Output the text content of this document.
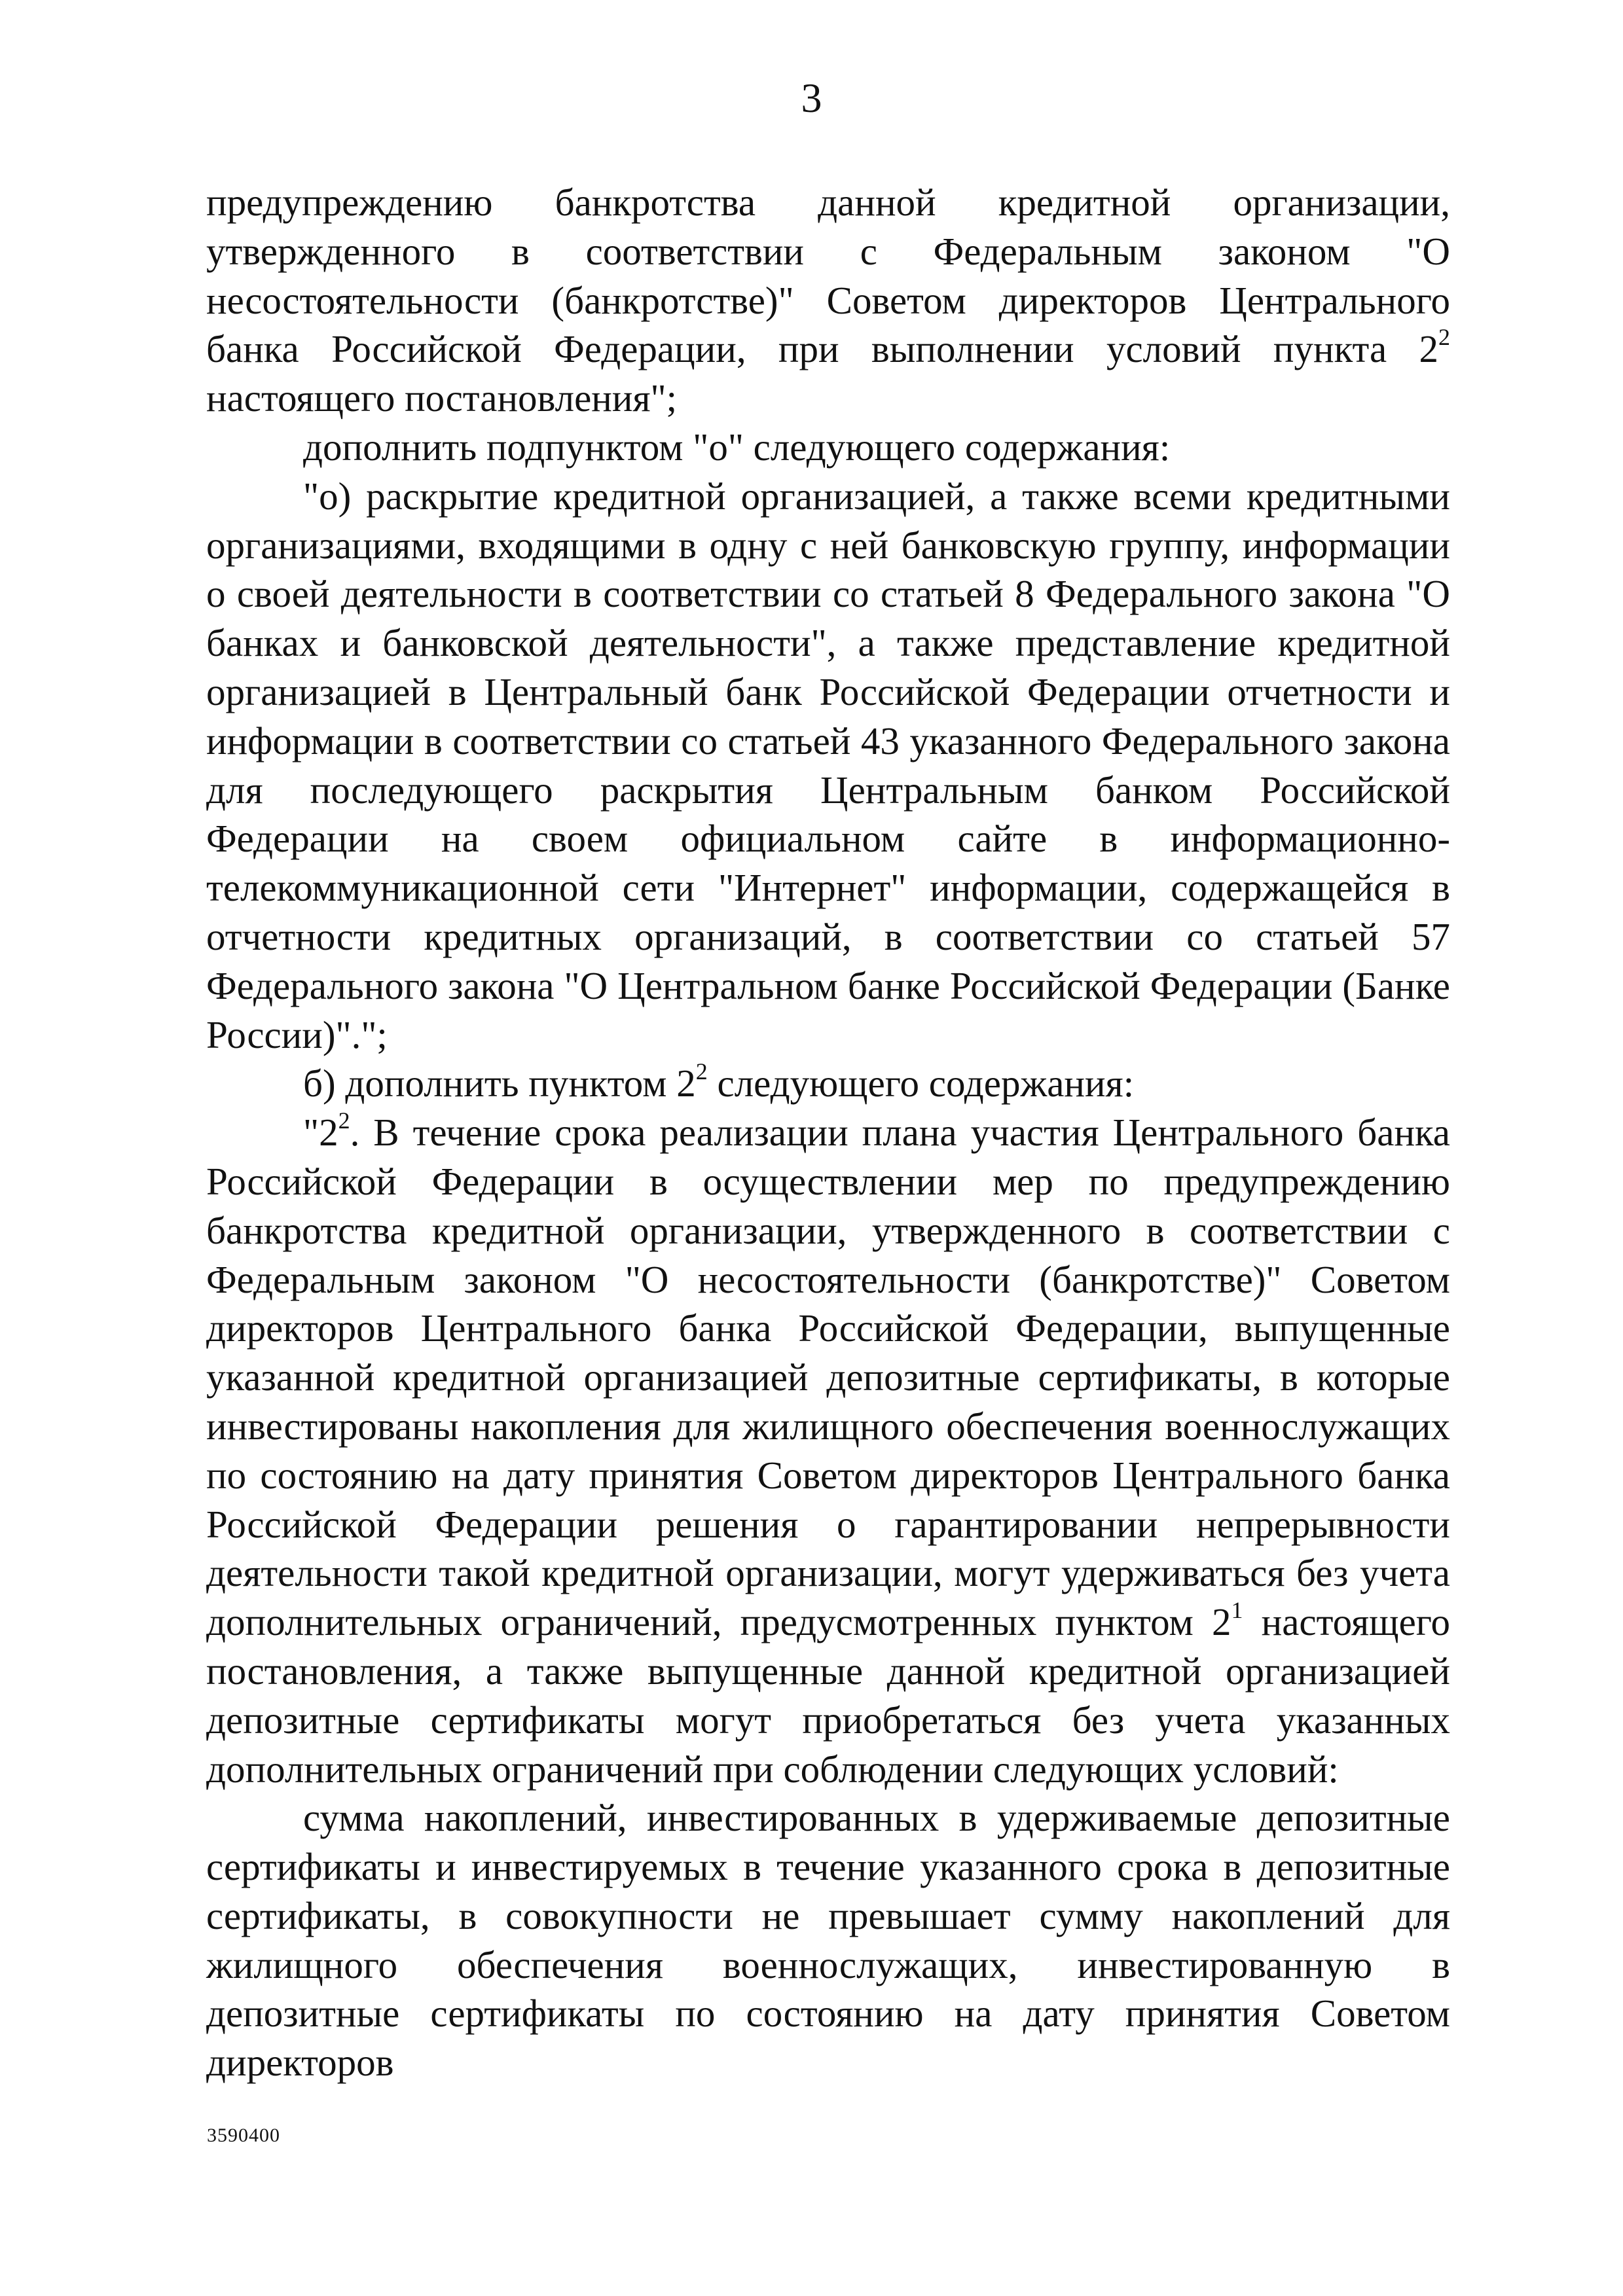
3

предупреждению банкротства данной кредитной организации, утвержденного в соответствии с Федеральным законом "О несостоятельности (банкротстве)" Советом директоров Центрального банка Российской Федерации, при выполнении условий пункта $2^2$ настоящего постановления";

дополнить подпунктом "о" следующего содержания:

"о) раскрытие кредитной организацией, а также всеми кредитными организациями, входящими в одну с ней банковскую группу, информации о своей деятельности в соответствии со статьей 8 Федерального закона "О банках и банковской деятельности", а также представление кредитной организацией в Центральный банк Российской Федерации отчетности и информации в соответствии со статьей 43 указанного Федерального закона для последующего раскрытия Центральным банком Российской Федерации на своем официальном сайте в информационно-телекоммуникационной сети "Интернет" информации, содержащейся в отчетности кредитных организаций, в соответствии со статьей 57 Федерального закона "О Центральном банке Российской Федерации (Банке России)".";

б) дополнить пунктом $2^2$ следующего содержания:

"$2^2$. В течение срока реализации плана участия Центрального банка Российской Федерации в осуществлении мер по предупреждению банкротства кредитной организации, утвержденного в соответствии с Федеральным законом "О несостоятельности (банкротстве)" Советом директоров Центрального банка Российской Федерации, выпущенные указанной кредитной организацией депозитные сертификаты, в которые инвестированы накопления для жилищного обеспечения военнослужащих по состоянию на дату принятия Советом директоров Центрального банка Российской Федерации решения о гарантировании непрерывности деятельности такой кредитной организации, могут удерживаться без учета дополнительных ограничений, предусмотренных пунктом $2^1$ настоящего постановления, а также выпущенные данной кредитной организацией депозитные сертификаты могут приобретаться без учета указанных дополнительных ограничений при соблюдении следующих условий:

сумма накоплений, инвестированных в удерживаемые депозитные сертификаты и инвестируемых в течение указанного срока в депозитные сертификаты, в совокупности не превышает сумму накоплений для жилищного обеспечения военнослужащих, инвестированную в депозитные сертификаты по состоянию на дату принятия Советом директоров

3590400
